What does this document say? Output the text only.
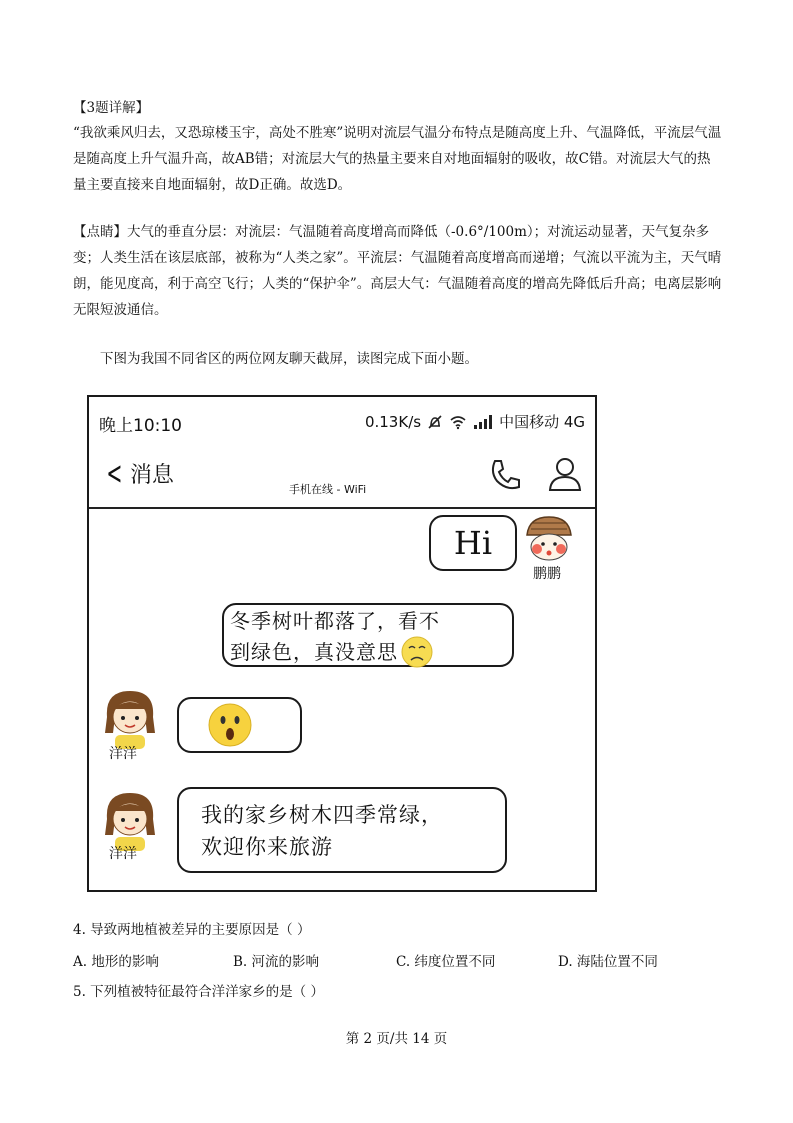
【3题详解】

“我欲乘风归去，又恐琼楼玉宇，高处不胜寒”说明对流层气温分布特点是随高度上升、气温降低，平流层气温是随高度上升气温升高，故AB错；对流层大气的热量主要来自对地面辐射的吸收，故C错。对流层大气的热量主要直接来自地面辐射，故D正确。故选D。

【点睛】大气的垂直分层：对流层：气温随着高度增高而降低（-0.6°/100m）；对流运动显著，天气复杂多变；人类生活在该层底部，被称为“人类之家”。平流层：气温随着高度增高而递增；气流以平流为主，天气晴朗，能见度高，利于高空飞行；人类的“保护伞”。高层大气：气温随着高度的增高先降低后升高；电离层影响无限短波通信。

下图为我国不同省区的两位网友聊天截屏，读图完成下面小题。
晚上10:10	0.13K/s	中国移动 4G
< 消息
手机在线 - WiFi
Hi
鹏鹏
冬季树叶都落了，看不
到绿色，真没意思
洋洋
洋洋
我的家乡树木四季常绿，
欢迎你来旅游
4. 导致两地植被差异的主要原因是（ ）
A. 地形的影响	B. 河流的影响	C. 纬度位置不同	D. 海陆位置不同
5. 下列植被特征最符合洋洋家乡的是（ ）
第 2 页/共 14 页
